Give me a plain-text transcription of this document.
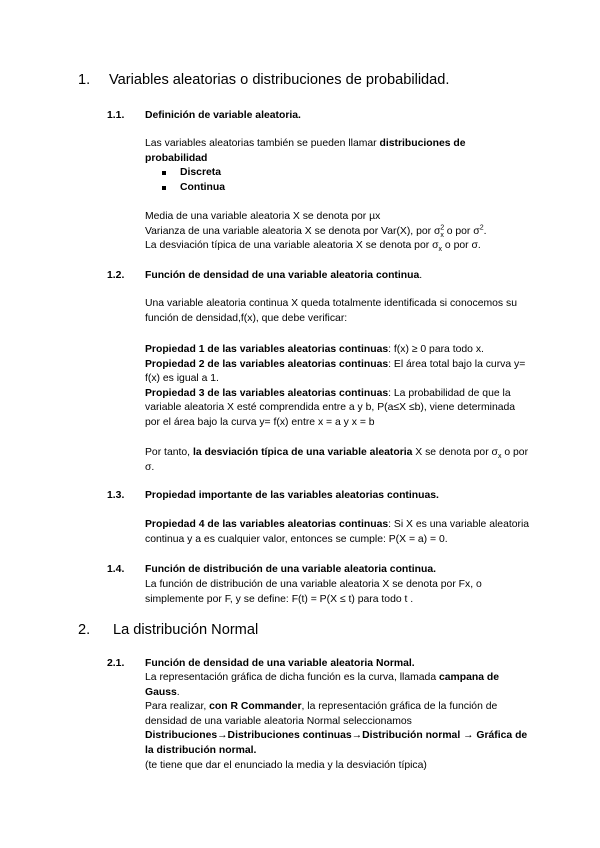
1. Variables aleatorias o distribuciones de probabilidad.
1.1. Definición de variable aleatoria.

Las variables aleatorias también se pueden llamar distribuciones de probabilidad

Discreta
Continua

Media de una variable aleatoria X se denota por µx

Varianza de una variable aleatoria X se denota por Var(X), por $\sigma^2_x$ o por $\sigma^2$.

La desviación típica de una variable aleatoria X se denota por $\sigma_x$ o por σ.

1.2. Función de densidad de una variable aleatoria continua.

Una variable aleatoria continua X queda totalmente identificada si conocemos su función de densidad,f(x), que debe verificar:

Propiedad 1 de las variables aleatorias continuas: f(x) ≥ 0 para todo x.

Propiedad 2 de las variables aleatorias continuas: El área total bajo la curva y= f(x) es igual a 1.

Propiedad 3 de las variables aleatorias continuas: La probabilidad de que la variable aleatoria X esté comprendida entre a y b, P(a≤X ≤b), viene determinada por el área bajo la curva y= f(x) entre x = a y x = b

Por tanto, la desviación típica de una variable aleatoria X se denota por $\sigma_x$ o por σ.

1.3. Propiedad importante de las variables aleatorias continuas.

Propiedad 4 de las variables aleatorias continuas: Si X es una variable aleatoria continua y a es cualquier valor, entonces se cumple: P(X = a) = 0.

1.4. Función de distribución de una variable aleatoria continua.

La función de distribución de una variable aleatoria X se denota por Fx, o simplemente por F, y se define: F(t) = P(X ≤ t) para todo t .

2. La distribución Normal
2.1. Función de densidad de una variable aleatoria Normal.

La representación gráfica de dicha función es la curva, llamada campana de Gauss.

Para realizar, con R Commander, la representación gráfica de la función de densidad de una variable aleatoria Normal seleccionamos Distribuciones→Distribuciones continuas→Distribución normal → Gráfica de la distribución normal.

(te tiene que dar el enunciado la media y la desviación típica)
